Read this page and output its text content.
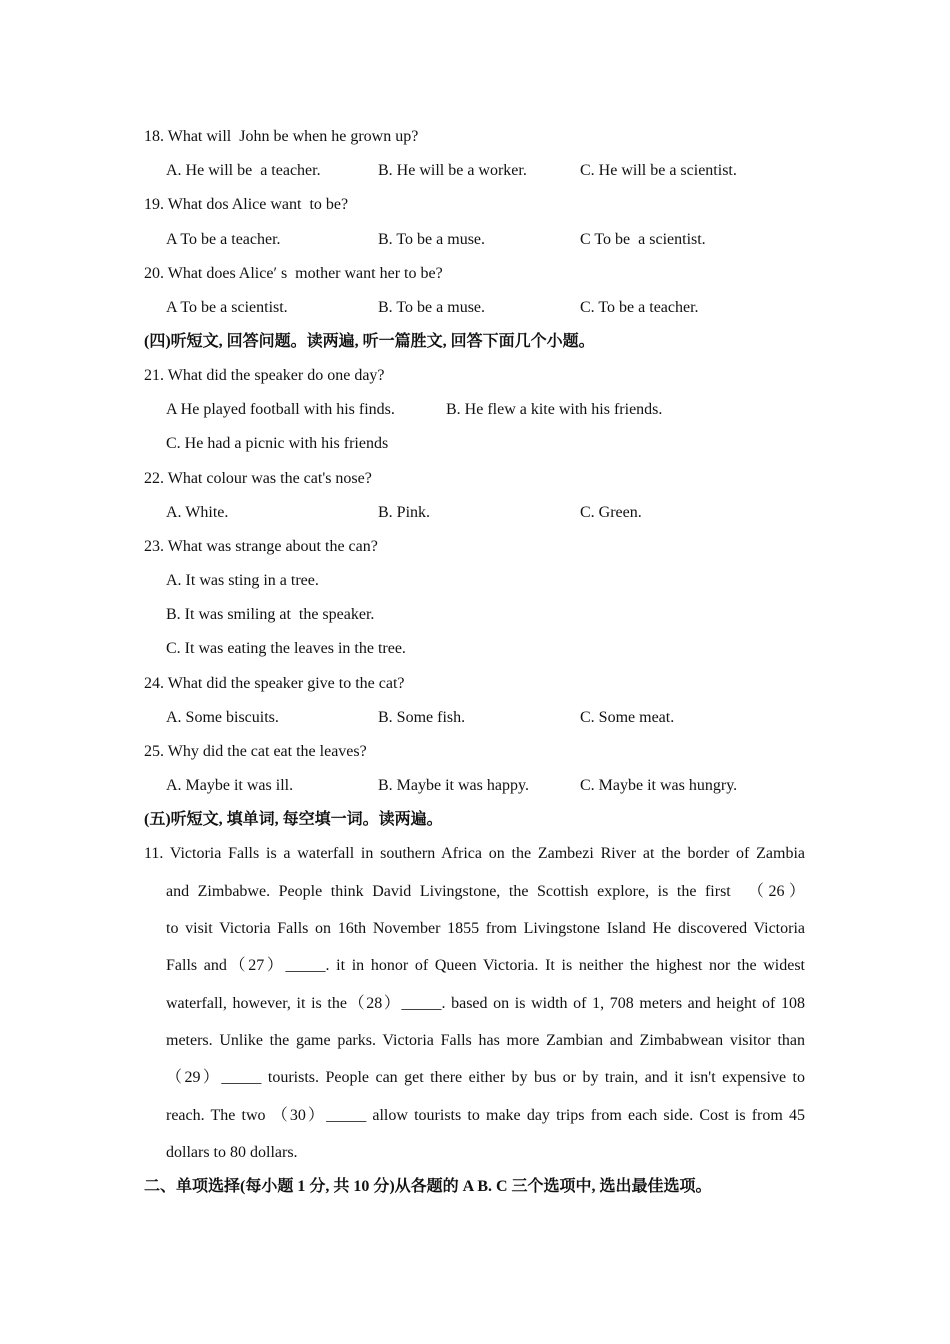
18. What will  John be when he grown up?
A. He will be  a teacher.	B. He will be a worker.	C. He will be a scientist.
19. What dos Alice want  to be?
A To be a teacher.	B. To be a muse.	C To be  a scientist.
20. What does Alice′ s  mother want her to be?
A To be a scientist.	B. To be a muse.	C. To be a teacher.
(四)听短文, 回答问题。读两遍, 听一篇胜文, 回答下面几个小题。
21. What did the speaker do one day?
A He played football with his finds.	B. He flew a kite with his friends.
C. He had a picnic with his friends
22. What colour was the cat's nose?
A. White.	B. Pink.	C. Green.
23. What was strange about the can?
A. It was sting in a tree.
B. It was smiling at  the speaker.
C. It was eating the leaves in the tree.
24. What did the speaker give to the cat?
A. Some biscuits.	B. Some fish.	C. Some meat.
25. Why did the cat eat the leaves?
A. Maybe it was ill.	B. Maybe it was happy.	C. Maybe it was hungry.
(五)听短文, 填单词, 每空填一词。读两遍。
11. Victoria Falls is a waterfall in southern Africa on the Zambezi River at the border of Zambia
and Zimbabwe. People think David Livingstone, the Scottish explore, is the first  （26）
to visit Victoria Falls on 16th November 1855 from Livingstone Island He discovered Victoria
Falls and（27）_____. it in honor of Queen Victoria. It is neither the highest nor the widest
waterfall, however, it is the（28）_____. based on is width of 1, 708 meters and height of 108
meters. Unlike the game parks. Victoria Falls has more Zambian and Zimbabwean visitor than
（29）_____ tourists. People can get there either by bus or by train, and it isn't expensive to
reach. The two （30）_____ allow tourists to make day trips from each side. Cost is from 45
dollars to 80 dollars.
二、单项选择(每小题 1 分, 共 10 分)从各题的 A B. C 三个选项中, 选出最佳选项。
